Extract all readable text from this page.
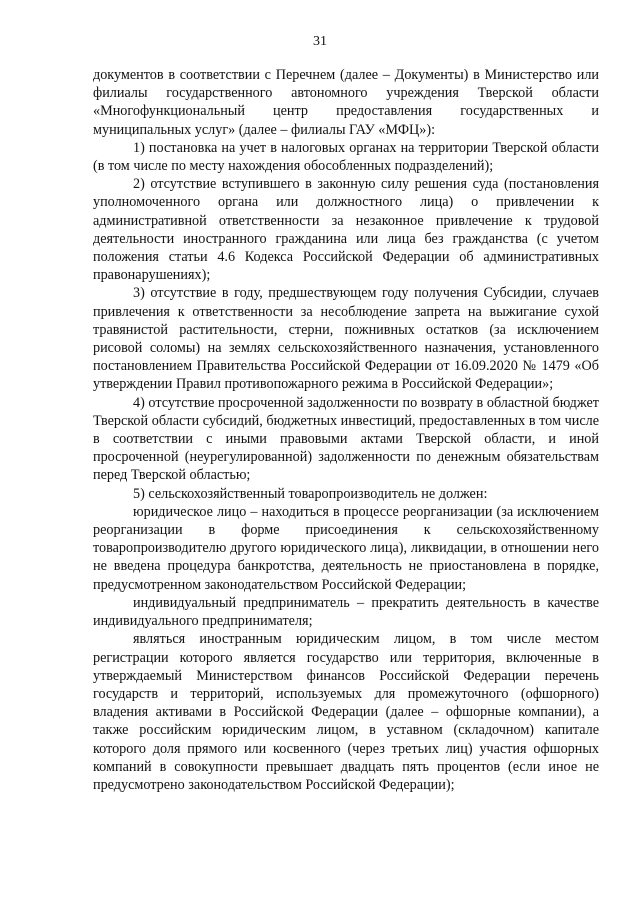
31

документов в соответствии с Перечнем (далее – Документы) в Министерство или филиалы государственного автономного учреждения Тверской области «Многофункциональный центр предоставления государственных и муниципальных услуг» (далее – филиалы ГАУ «МФЦ»):

1) постановка на учет в налоговых органах на территории Тверской области (в том числе по месту нахождения обособленных подразделений);

2) отсутствие вступившего в законную силу решения суда (постановления уполномоченного органа или должностного лица) о привлечении к административной ответственности за незаконное привлечение к трудовой деятельности иностранного гражданина или лица без гражданства (с учетом положения статьи 4.6 Кодекса Российской Федерации об административных правонарушениях);

3) отсутствие в году, предшествующем году получения Субсидии, случаев привлечения к ответственности за несоблюдение запрета на выжигание сухой травянистой растительности, стерни, пожнивных остатков (за исключением рисовой соломы) на землях сельскохозяйственного назначения, установленного постановлением Правительства Российской Федерации от 16.09.2020 № 1479 «Об утверждении Правил противопожарного режима в Российской Федерации»;

4) отсутствие просроченной задолженности по возврату в областной бюджет Тверской области субсидий, бюджетных инвестиций, предоставленных в том числе в соответствии с иными правовыми актами Тверской области, и иной просроченной (неурегулированной) задолженности по денежным обязательствам перед Тверской областью;

5) сельскохозяйственный товаропроизводитель не должен:

юридическое лицо – находиться в процессе реорганизации (за исключением реорганизации в форме присоединения к сельскохозяйственному товаропроизводителю другого юридического лица), ликвидации, в отношении него не введена процедура банкротства, деятельность не приостановлена в порядке, предусмотренном законодательством Российской Федерации;

индивидуальный предприниматель – прекратить деятельность в качестве индивидуального предпринимателя;

являться иностранным юридическим лицом, в том числе местом регистрации которого является государство или территория, включенные в утверждаемый Министерством финансов Российской Федерации перечень государств и территорий, используемых для промежуточного (офшорного) владения активами в Российской Федерации (далее – офшорные компании), а также российским юридическим лицом, в уставном (складочном) капитале которого доля прямого или косвенного (через третьих лиц) участия офшорных компаний в совокупности превышает двадцать пять процентов (если иное не предусмотрено законодательством Российской Федерации);
